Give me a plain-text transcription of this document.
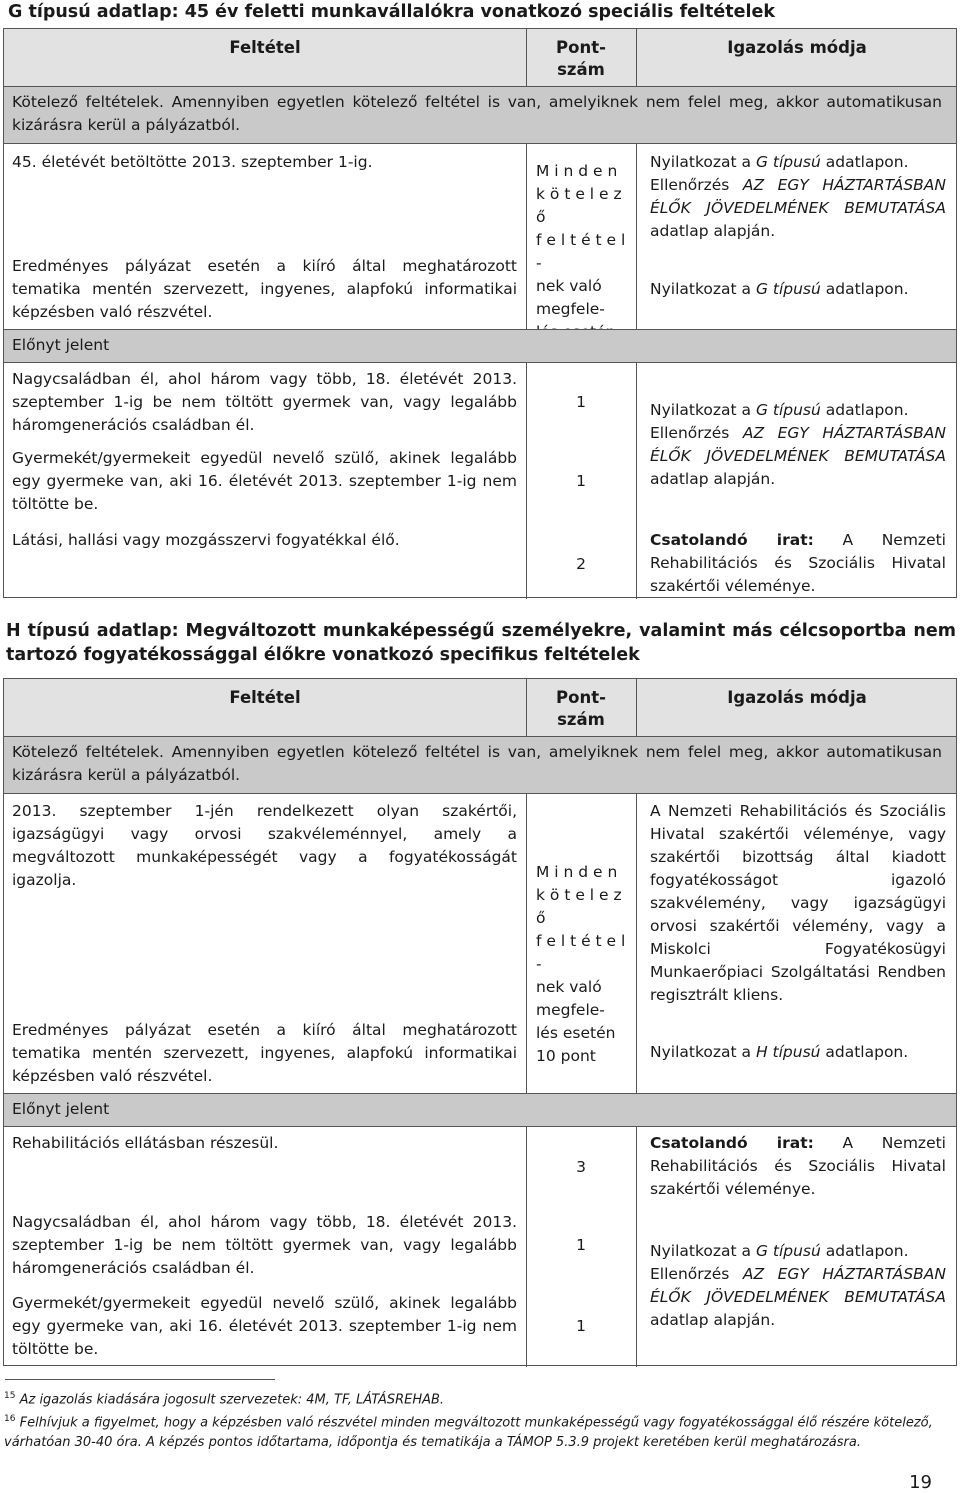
G típusú adatlap: 45 év feletti munkavállalókra vonatkozó speciális feltételek
Feltétel	Pont-
szám
Igazolás módja
Kötelező feltételek. Amennyiben egyetlen kötelező feltétel is van, amelyiknek nem felel meg, akkor automatikusan kizárásra kerül a pályázatból.
45. életévét betöltötte 2013. szeptember 1-ig.
Eredményes pályázat esetén a kiíró által meghatározott tematika mentén szervezett, ingyenes, alapfokú informatikai képzésben való részvétel.
M i n d e n
k ö t e l e z ő
f e l t é t e l -
nek való
megfele-
Nyilatkozat a G típusú adatlapon.
Ellenőrzés AZ EGY HÁZTARTÁSBAN ÉLŐK JÖVEDELMÉNEK BEMUTATÁSA adatlap alapján.
Nyilatkozat a G típusú adatlapon.
Előnyt jelent
Nagycsaládban él, ahol három vagy több, 18. életévét 2013. szeptember 1-ig be nem töltött gyermek van, vagy legalább háromgenerációs családban él.
1
Gyermekét/gyermekeit egyedül nevelő szülő, akinek legalább egy gyermeke van, aki 16. életévét 2013. szeptember 1-ig nem töltötte be.
1
Nyilatkozat a G típusú adatlapon.
Ellenőrzés AZ EGY HÁZTARTÁSBAN ÉLŐK JÖVEDELMÉNEK BEMUTATÁSA adatlap alapján.
Látási, hallási vagy mozgásszervi fogyatékkal élő.
2
Csatolandó irat: A Nemzeti Rehabilitációs és Szociális Hivatal szakértői véleménye.
H típusú adatlap: Megváltozott munkaképességű személyekre, valamint más célcsoportba nem tartozó fogyatékossággal élőkre vonatkozó specifikus feltételek
Feltétel	Pont-
szám
Igazolás módja
Kötelező feltételek. Amennyiben egyetlen kötelező feltétel is van, amelyiknek nem felel meg, akkor automatikusan kizárásra kerül a pályázatból.
2013. szeptember 1-jén rendelkezett olyan szakértői, igazságügyi vagy orvosi szakvéleménnyel, amely a megváltozott munkaképességét vagy a fogyatékosságát igazolja.
A Nemzeti Rehabilitációs és Szociális Hivatal szakértői véleménye, vagy szakértői bizottság által kiadott fogyatékosságot igazoló szakvélemény, vagy igazságügyi orvosi szakértői vélemény, vagy a Miskolci Fogyatékosügyi Munkaerőpiaci Szolgáltatási Rendben regisztrált kliens.
M i n d e n
k ö t e l e z ő
f e l t é t e l -
nek való
megfele-
lés esetén
10 pont
Eredményes pályázat esetén a kiíró által meghatározott tematika mentén szervezett, ingyenes, alapfokú informatikai képzésben való részvétel.
Nyilatkozat a H típusú adatlapon.
Előnyt jelent
Rehabilitációs ellátásban részesül.
3
Csatolandó irat: A Nemzeti Rehabilitációs és Szociális Hivatal szakértői véleménye.
Nagycsaládban él, ahol három vagy több, 18. életévét 2013. szeptember 1-ig be nem töltött gyermek van, vagy legalább háromgenerációs családban él.
1
Gyermekét/gyermekeit egyedül nevelő szülő, akinek legalább egy gyermeke van, aki 16. életévét 2013. szeptember 1-ig nem töltötte be.
1
Nyilatkozat a G típusú adatlapon.
Ellenőrzés AZ EGY HÁZTARTÁSBAN ÉLŐK JÖVEDELMÉNEK BEMUTATÁSA adatlap alapján.
$^{15}$ Az igazolás kiadására jogosult szervezetek: 4M, TF, LÁTÁSREHAB.
$^{16}$ Felhívjuk a figyelmet, hogy a képzésben való részvétel minden megváltozott munkaképességű vagy fogyatékossággal élő részére kötelező, várhatóan 30-40 óra. A képzés pontos időtartama, időpontja és tematikája a TÁMOP 5.3.9 projekt keretében kerül meghatározásra.
19
